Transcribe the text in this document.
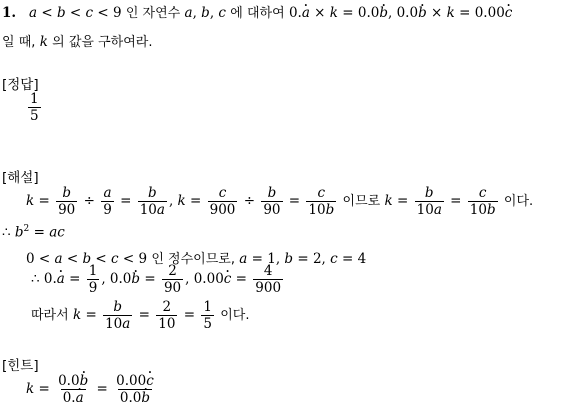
1.   a < b < c < 9 인 자연수 a, b, c 에 대하여 0.· a × k = 0.0· b, 0.0· b × k = 0.00· c
일 때, k 의 값을 구하여라.
[정답]
$\frac{1}{5}$
[해설]
$k = \frac{b}{90} \div \frac{a}{9} = \frac{b}{10a}$ , $k = \frac{c}{900} \div \frac{b}{90} = \frac{c}{10b}$ 이므로 $k = \frac{b}{10a} = \frac{c}{10b}$ 이다.
∴ $b^2$ = ac
0 < a < b < c < 9 인 정수이므로, a = 1, b = 2, c = 4
∴ $0.\cdot a = \frac{1}{9}$ , $0.0\cdot b = \frac{2}{90}$ , $0.00\cdot c = \frac{4}{900}$
따라서 $k = \frac{b}{10a} = \frac{2}{10} = \frac{1}{5}$ 이다.
[힌트]
$k = \frac{0.0\cdot b}{0.\cdot a} = \frac{0.00\cdot c}{0.0\cdot b}$
